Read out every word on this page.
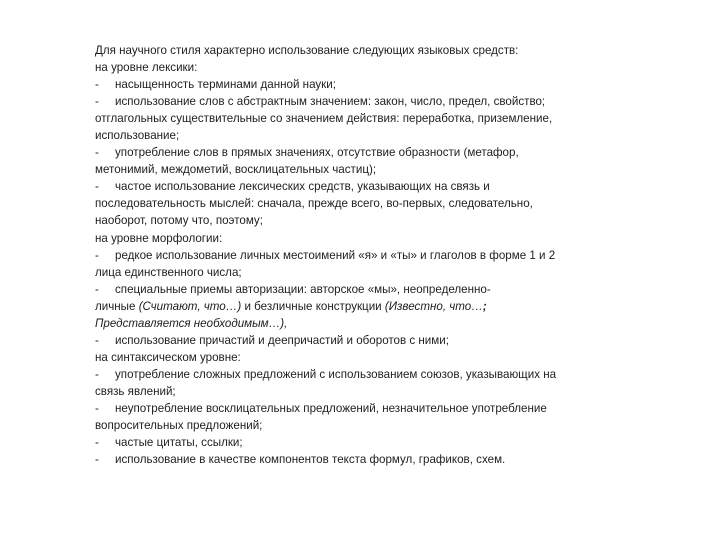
Для научного стиля характерно использование следующих языковых средств:
на уровне лексики:
- насыщенность терминами данной науки;
- использование слов с абстрактным значением: закон, число, предел, свойство;
отглагольных существительные со значением действия: переработка, приземление,
использование;
- употребление слов в прямых значениях, отсутствие образности (метафор,
метонимий, междометий, восклицательных частиц);
- частое использование лексических средств, указывающих на связь и
последовательность мыслей: сначала, прежде всего, во-первых, следовательно,
наоборот, потому что, поэтому;
на уровне морфологии:
- редкое использование личных местоимений «я» и «ты» и глаголов в форме 1 и 2
лица единственного числа;
- специальные приемы авторизации: авторское «мы», неопределенно-
личные (Считают, что…) и безличные конструкции (Известно, что…;
Представляется необходимым…),
- использование причастий и деепричастий и оборотов с ними;
на синтаксическом уровне:
- употребление сложных предложений с использованием союзов, указывающих на
связь явлений;
- неупотребление восклицательных предложений, незначительное употребление
вопросительных предложений;
- частые цитаты, ссылки;
- использование в качестве компонентов текста формул, графиков, схем.
